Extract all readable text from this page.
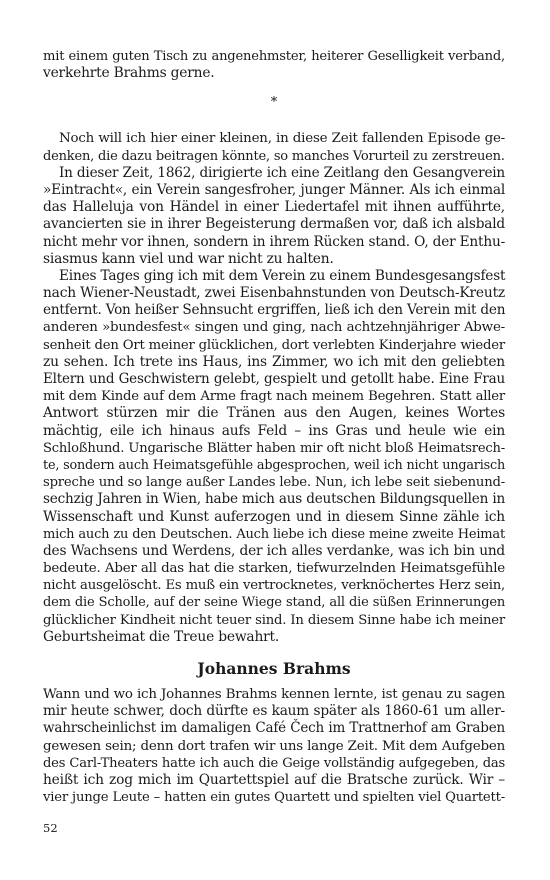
mit einem guten Tisch zu angenehmster, heiterer Geselligkeit verband,
verkehrte Brahms gerne.
*
Noch will ich hier einer kleinen, in diese Zeit fallenden Episode ge-
denken, die dazu beitragen könnte, so manches Vorurteil zu zerstreuen.
In dieser Zeit, 1862, dirigierte ich eine Zeitlang den Gesangverein
»Eintracht«, ein Verein sangesfroher, junger Männer. Als ich einmal
das Halleluja von Händel in einer Liedertafel mit ihnen aufführte,
avancierten sie in ihrer Begeisterung dermaßen vor, daß ich alsbald
nicht mehr vor ihnen, sondern in ihrem Rücken stand. O, der Enthu-
siasmus kann viel und war nicht zu halten.
Eines Tages ging ich mit dem Verein zu einem Bundesgesangsfest
nach Wiener-Neustadt, zwei Eisenbahnstunden von Deutsch-Kreutz
entfernt. Von heißer Sehnsucht ergriffen, ließ ich den Verein mit den
anderen »bundesfest« singen und ging, nach achtzehnjähriger Abwe-
senheit den Ort meiner glücklichen, dort verlebten Kinderjahre wieder
zu sehen. Ich trete ins Haus, ins Zimmer, wo ich mit den geliebten
Eltern und Geschwistern gelebt, gespielt und getollt habe. Eine Frau
mit dem Kinde auf dem Arme fragt nach meinem Begehren. Statt aller
Antwort stürzen mir die Tränen aus den Augen, keines Wortes
mächtig, eile ich hinaus aufs Feld – ins Gras und heule wie ein
Schloßhund. Ungarische Blätter haben mir oft nicht bloß Heimatsrech-
te, sondern auch Heimatsgefühle abgesprochen, weil ich nicht ungarisch
spreche und so lange außer Landes lebe. Nun, ich lebe seit siebenund-
sechzig Jahren in Wien, habe mich aus deutschen Bildungsquellen in
Wissenschaft und Kunst auferzogen und in diesem Sinne zähle ich
mich auch zu den Deutschen. Auch liebe ich diese meine zweite Heimat
des Wachsens und Werdens, der ich alles verdanke, was ich bin und
bedeute. Aber all das hat die starken, tiefwurzelnden Heimatsgefühle
nicht ausgelöscht. Es muß ein vertrocknetes, verknöchertes Herz sein,
dem die Scholle, auf der seine Wiege stand, all die süßen Erinnerungen
glücklicher Kindheit nicht teuer sind. In diesem Sinne habe ich meiner
Geburtsheimat die Treue bewahrt.
Johannes Brahms
Wann und wo ich Johannes Brahms kennen lernte, ist genau zu sagen
mir heute schwer, doch dürfte es kaum später als 1860-61 um aller-
wahrscheinlichst im damaligen Café Čech im Trattnerhof am Graben
gewesen sein; denn dort trafen wir uns lange Zeit. Mit dem Aufgeben
des Carl-Theaters hatte ich auch die Geige vollständig aufgegeben, das
heißt ich zog mich im Quartettspiel auf die Bratsche zurück. Wir –
vier junge Leute – hatten ein gutes Quartett und spielten viel Quartett-
52
